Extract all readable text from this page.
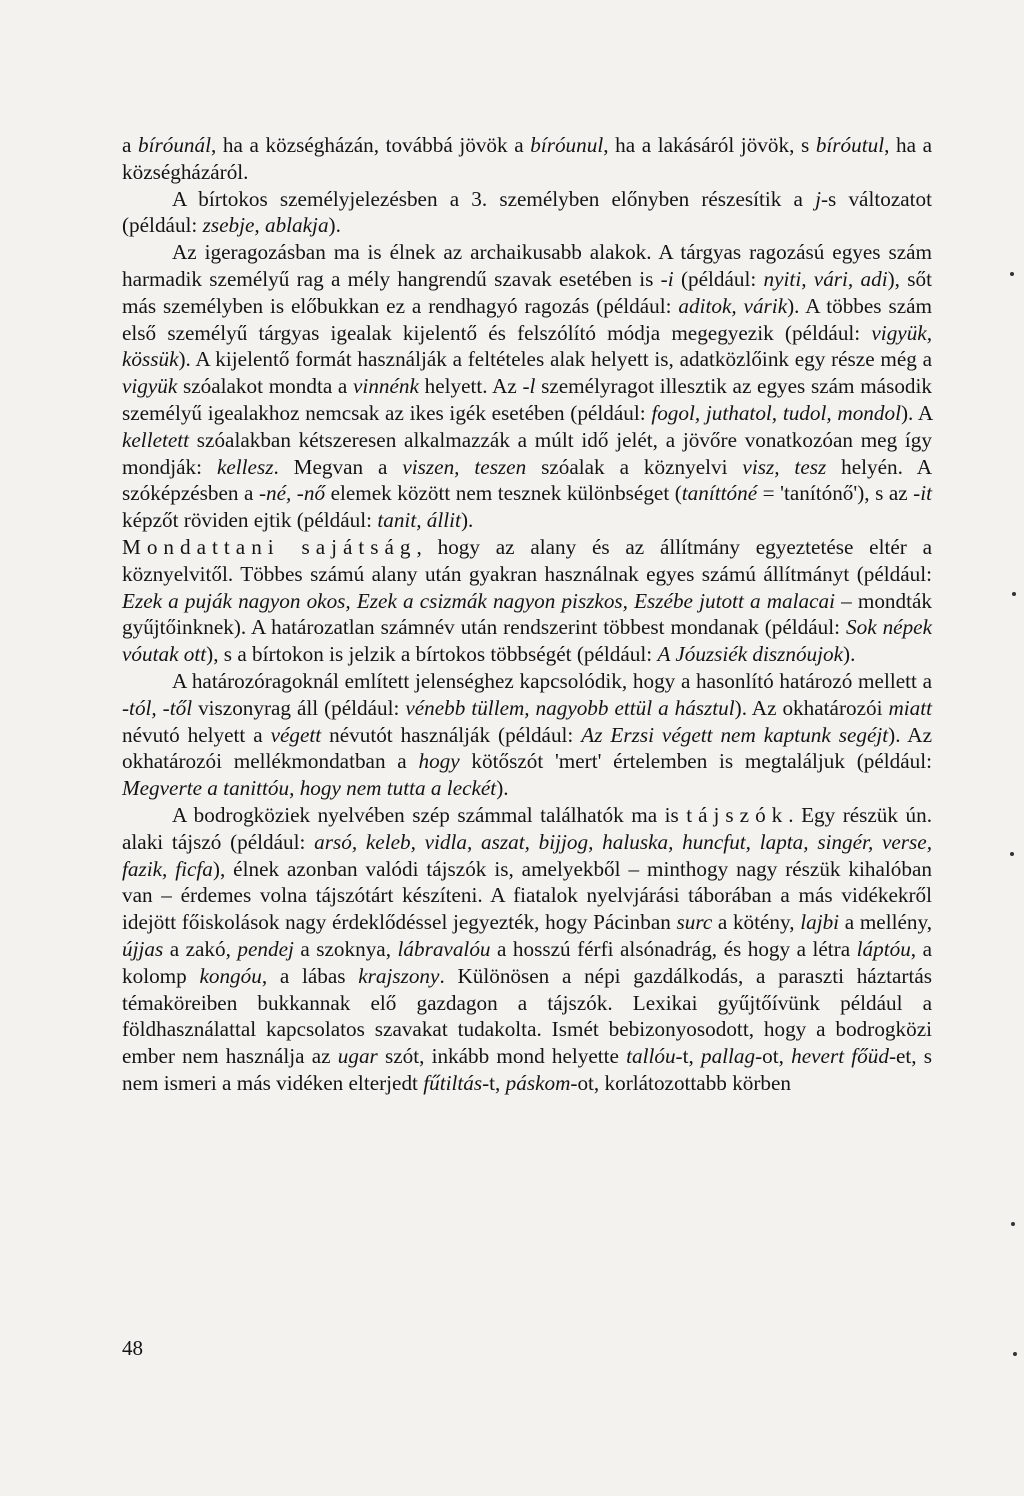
a bíróunál, ha a községházán, továbbá jövök a bíróunul, ha a lakásáról jövök, s bíróutul, ha a községházáról.

A bírtokos személyjelezésben a 3. személyben előnyben részesítik a j-s változatot (például: zsebje, ablakja).

Az igeragozásban ma is élnek az archaikusabb alakok. A tárgyas ragozású egyes szám harmadik személyű rag a mély hangrendű szavak esetében is -i (például: nyiti, vári, adi), sőt más személyben is előbukkan ez a rendhagyó ragozás (például: aditok, várik). A többes szám első személyű tárgyas igealak kijelentő és felszólító módja megegyezik (például: vigyük, kössük). A kijelentő formát használják a feltételes alak helyett is, adatközlőink egy része még a vigyük szóalakot mondta a vinnénk helyett. Az -l személyragot illesztik az egyes szám második személyű igealakhoz nemcsak az ikes igék esetében (például: fogol, juthatol, tudol, mondol). A kelletett szóalakban kétszeresen alkalmazzák a múlt idő jelét, a jövőre vonatkozóan meg így mondják: kellesz. Megvan a viszen, teszen szóalak a köznyelvi visz, tesz helyén. A szóképzésben a -né, -nő elemek között nem tesznek különbséget (taníttóné = 'tanítónő'), s az -it képzőt röviden ejtik (például: tanit, állit).

Mondattani sajátság, hogy az alany és az állítmány egyeztetése eltér a köznyelvitől. Többes számú alany után gyakran használnak egyes számú állítmányt (például: Ezek a puják nagyon okos, Ezek a csizmák nagyon piszkos, Eszébe jutott a malacai – mondták gyűjtőinknek). A határozatlan számnév után rendszerint többest mondanak (például: Sok népek vóutak ott), s a bírtokon is jelzik a bírtokos többségét (például: A Jóuzsiék disznóujok).

A határozóragoknál említett jelenséghez kapcsolódik, hogy a hasonlító határozó mellett a -tól, -től viszonyrag áll (például: vénebb tüllem, nagyobb ettül a hásztul). Az okhatározói miatt névutó helyett a végett névutót használják (például: Az Erzsi végett nem kaptunk segéjt). Az okhatározói mellékmondatban a hogy kötőszót 'mert' értelemben is megtaláljuk (például: Megverte a tanittóu, hogy nem tutta a leckét).

A bodrogköziek nyelvében szép számmal találhatók ma is tájszók. Egy részük ún. alaki tájszó (például: arsó, keleb, vidla, aszat, bijjog, haluska, huncfut, lapta, singér, verse, fazik, ficfa), élnek azonban valódi tájszók is, amelyekből – minthogy nagy részük kihalóban van – érdemes volna tájszótárt készíteni. A fiatalok nyelvjárási táborában a más vidékekről idejött főiskolások nagy érdeklődéssel jegyezték, hogy Pácinban surc a kötény, lajbi a mellény, újjas a zakó, pendej a szoknya, lábravalóu a hosszú férfi alsónadrág, és hogy a létra láptóu, a kolomp kongóu, a lábas krajszony. Különösen a népi gazdálkodás, a paraszti háztartás témaköreiben bukkannak elő gazdagon a tájszók. Lexikai gyűjtőívünk például a földhasználattal kapcsolatos szavakat tudakolta. Ismét bebizonyosodott, hogy a bodrogközi ember nem használja az ugar szót, inkább mond helyette tallóu-t, pallag-ot, hevert főüd-et, s nem ismeri a más vidéken elterjedt fűtiltás-t, páskom-ot, korlátozottabb körben

48
